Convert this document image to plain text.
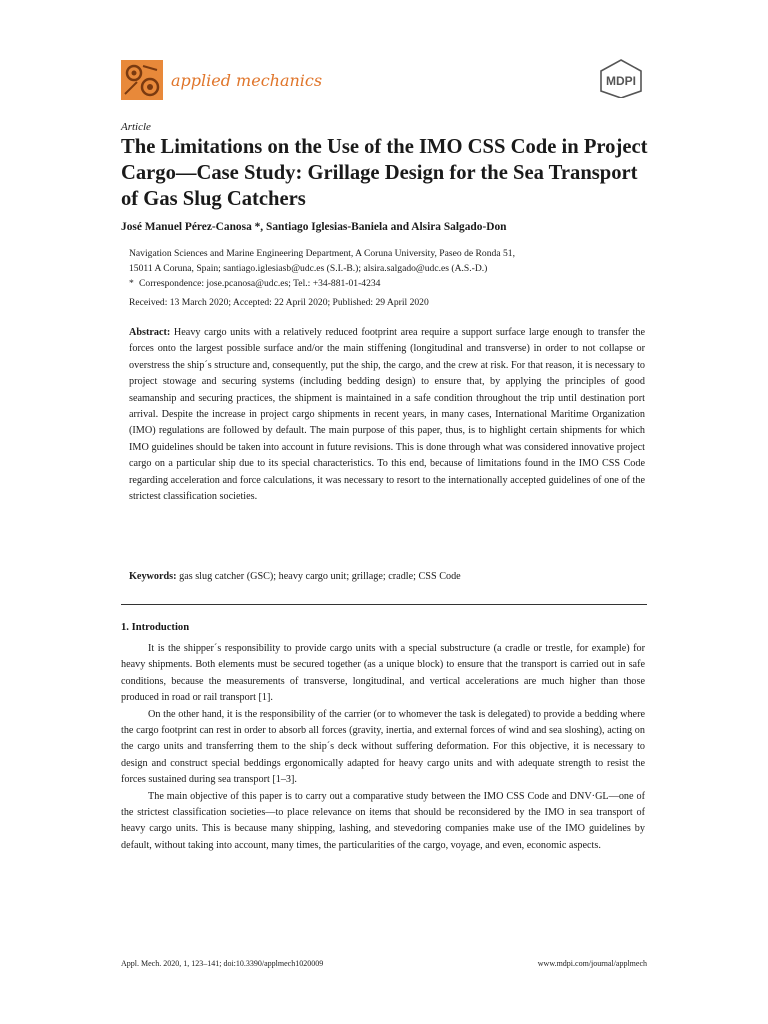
applied mechanics	MDPI
Article
The Limitations on the Use of the IMO CSS Code in Project Cargo—Case Study: Grillage Design for the Sea Transport of Gas Slug Catchers
José Manuel Pérez-Canosa *, Santiago Iglesias-Baniela and Alsira Salgado-Don
Navigation Sciences and Marine Engineering Department, A Coruna University, Paseo de Ronda 51,
15011 A Coruna, Spain; santiago.iglesiasb@udc.es (S.I.-B.); alsira.salgado@udc.es (A.S.-D.)
* Correspondence: jose.pcanosa@udc.es; Tel.: +34-881-01-4234
Received: 13 March 2020; Accepted: 22 April 2020; Published: 29 April 2020
Abstract: Heavy cargo units with a relatively reduced footprint area require a support surface large enough to transfer the forces onto the largest possible surface and/or the main stiffening (longitudinal and transverse) in order to not collapse or overstress the ship´s structure and, consequently, put the ship, the cargo, and the crew at risk. For that reason, it is necessary to project stowage and securing systems (including bedding design) to ensure that, by applying the principles of good seamanship and securing practices, the shipment is maintained in a safe condition throughout the trip until destination port arrival. Despite the increase in project cargo shipments in recent years, in many cases, International Maritime Organization (IMO) regulations are followed by default. The main purpose of this paper, thus, is to highlight certain shipments for which IMO guidelines should be taken into account in future revisions. This is done through what was considered innovative project cargo on a particular ship due to its special characteristics. To this end, because of limitations found in the IMO CSS Code regarding acceleration and force calculations, it was necessary to resort to the internationally accepted guidelines of one of the strictest classification societies.
Keywords: gas slug catcher (GSC); heavy cargo unit; grillage; cradle; CSS Code
1. Introduction

It is the shipper´s responsibility to provide cargo units with a special substructure (a cradle or trestle, for example) for heavy shipments. Both elements must be secured together (as a unique block) to ensure that the transport is carried out in safe conditions, because the measurements of transverse, longitudinal, and vertical accelerations are much higher than those produced in road or rail transport [1].

On the other hand, it is the responsibility of the carrier (or to whomever the task is delegated) to provide a bedding where the cargo footprint can rest in order to absorb all forces (gravity, inertia, and external forces of wind and sea sloshing), acting on the cargo units and transferring them to the ship´s deck without suffering deformation. For this objective, it is necessary to design and construct special beddings ergonomically adapted for heavy cargo units and with adequate strength to resist the forces sustained during sea transport [1–3].

The main objective of this paper is to carry out a comparative study between the IMO CSS Code and DNV·GL—one of the strictest classification societies—to place relevance on items that should be reconsidered by the IMO in sea transport of heavy cargo units. This is because many shipping, lashing, and stevedoring companies make use of the IMO guidelines by default, without taking into account, many times, the particularities of the cargo, voyage, and even, economic aspects.

Appl. Mech. 2020, 1, 123–141; doi:10.3390/applmech1020009	www.mdpi.com/journal/applmech
